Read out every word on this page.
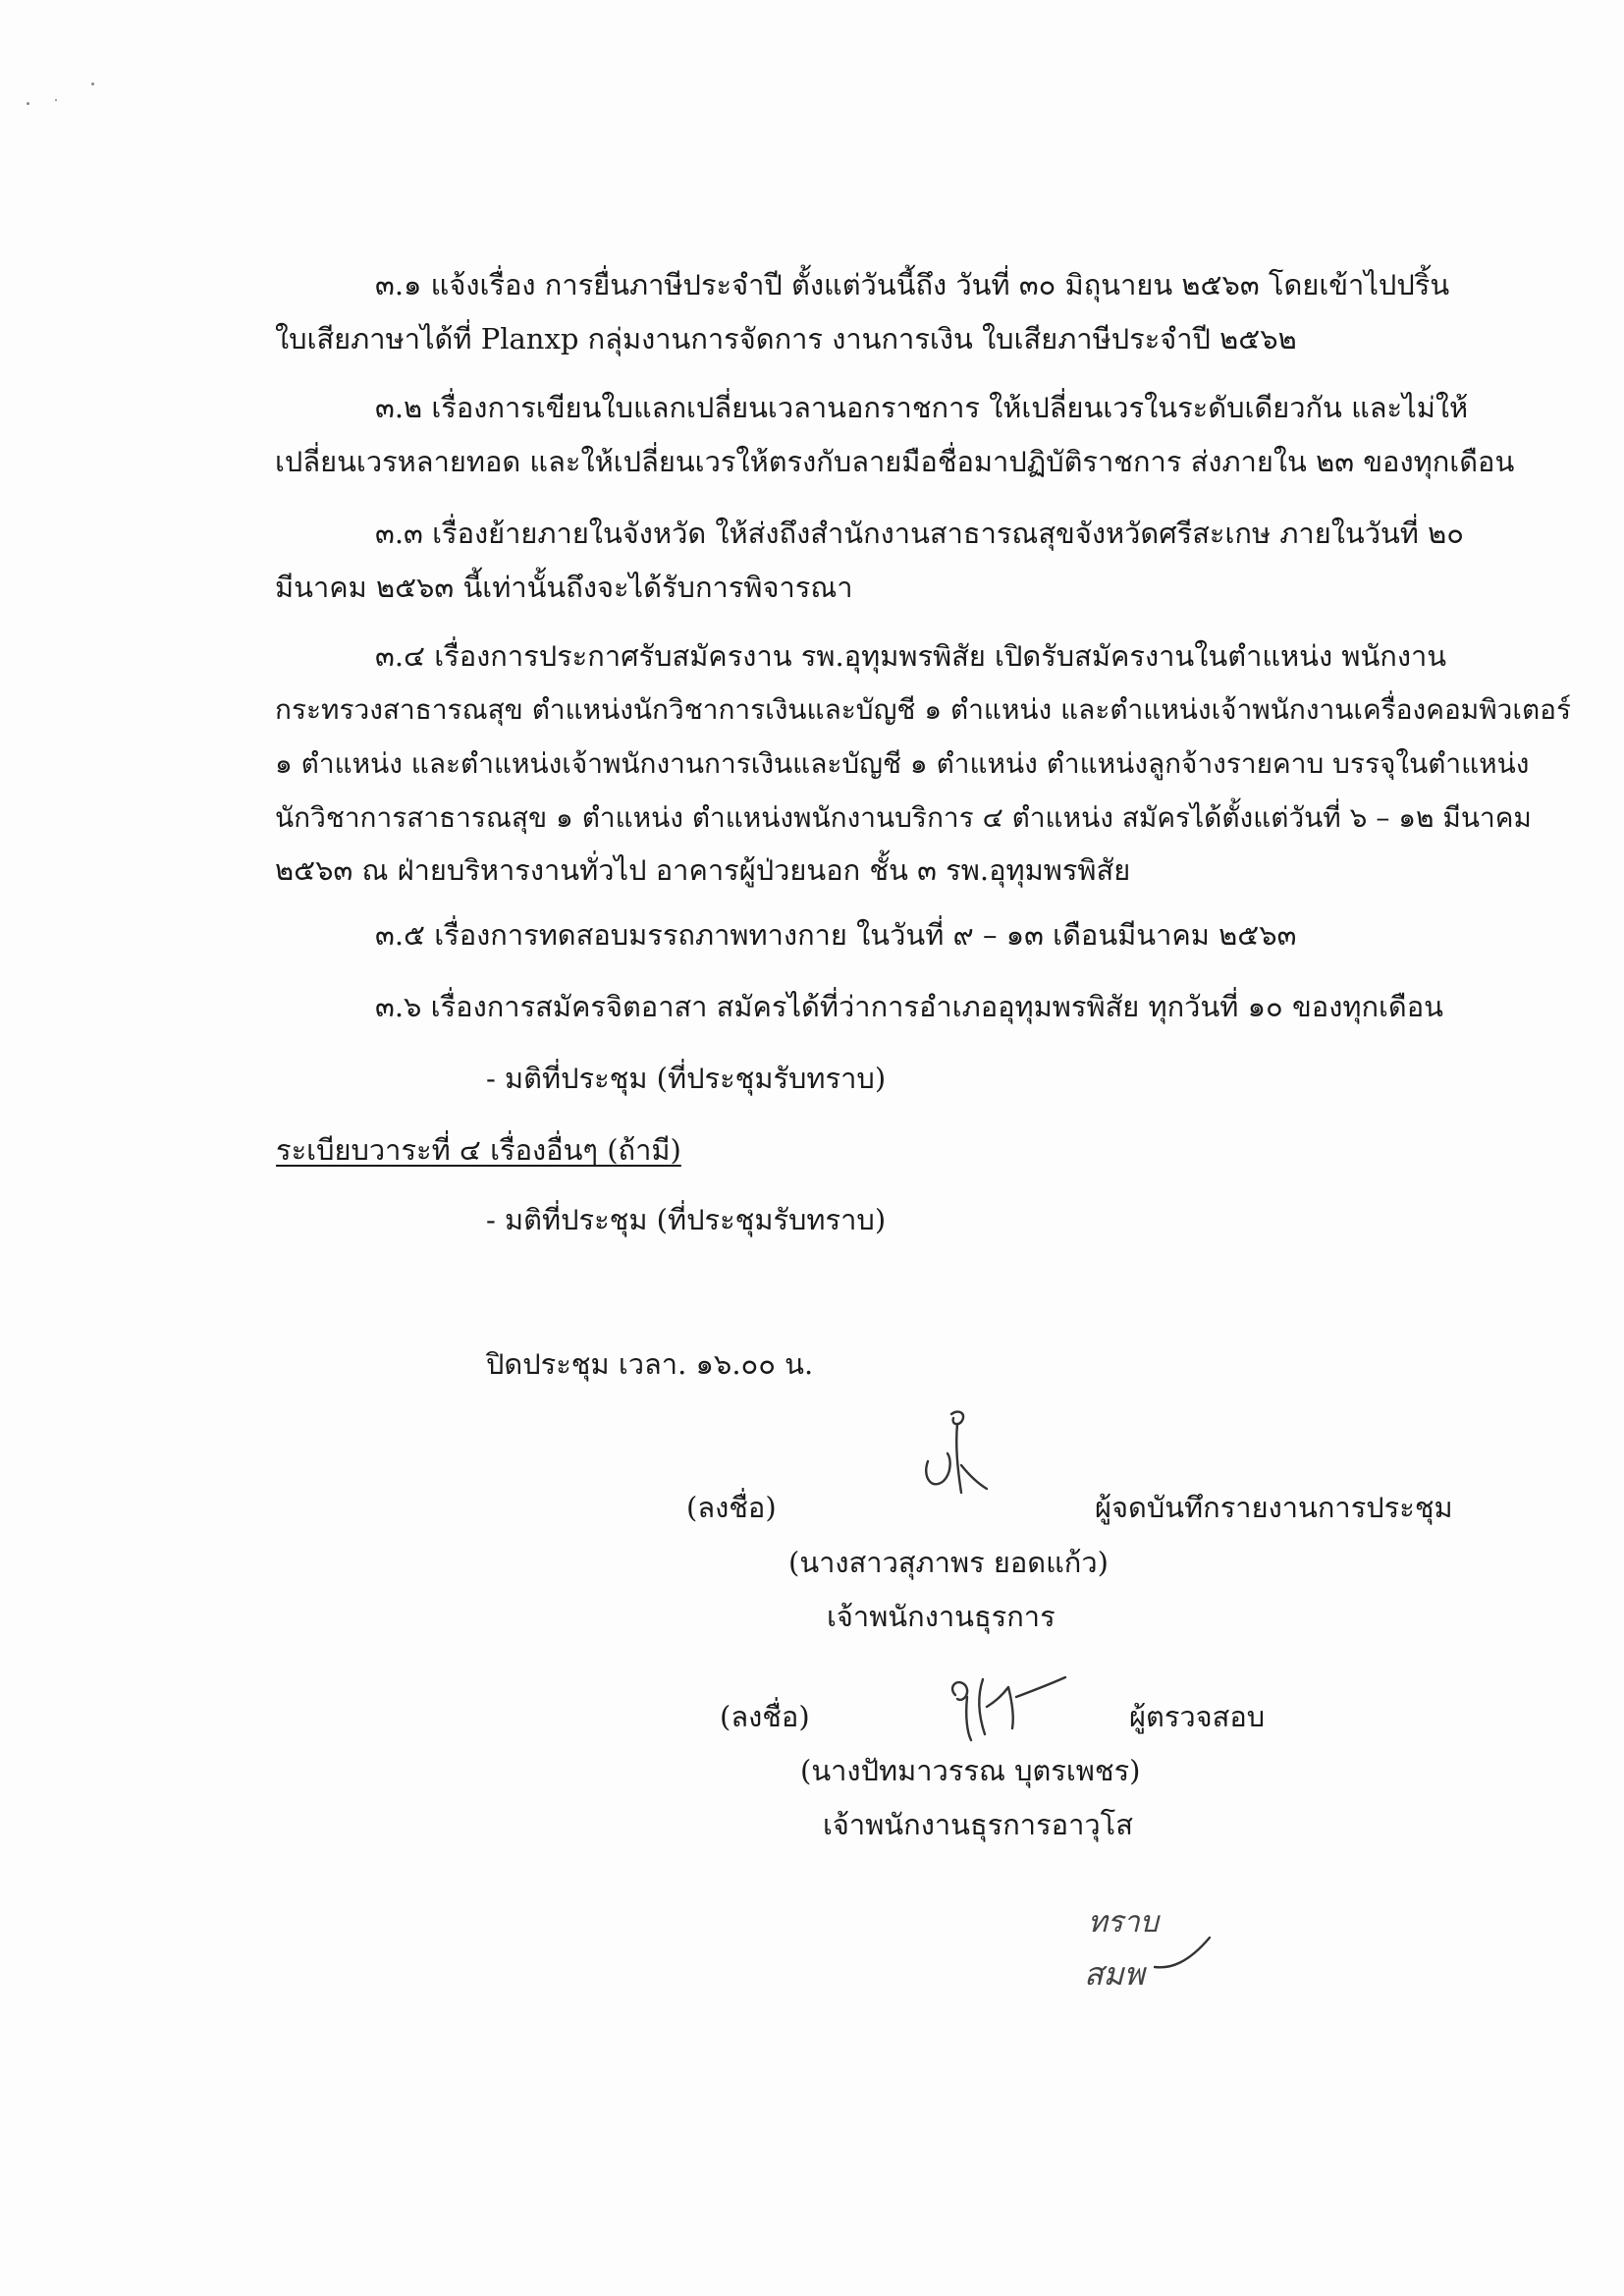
๓.๑ แจ้งเรื่อง การยื่นภาษีประจำปี ตั้งแต่วันนี้ถึง วันที่ ๓๐ มิถุนายน ๒๕๖๓ โดยเข้าไปปริ้น
ใบเสียภาษาได้ที่ Planxp กลุ่มงานการจัดการ งานการเงิน ใบเสียภาษีประจำปี ๒๕๖๒
๓.๒ เรื่องการเขียนใบแลกเปลี่ยนเวลานอกราชการ ให้เปลี่ยนเวรในระดับเดียวกัน และไม่ให้
เปลี่ยนเวรหลายทอด และให้เปลี่ยนเวรให้ตรงกับลายมือชื่อมาปฏิบัติราชการ ส่งภายใน ๒๓ ของทุกเดือน
๓.๓ เรื่องย้ายภายในจังหวัด ให้ส่งถึงสำนักงานสาธารณสุขจังหวัดศรีสะเกษ ภายในวันที่ ๒๐
มีนาคม ๒๕๖๓ นี้เท่านั้นถึงจะได้รับการพิจารณา
๓.๔ เรื่องการประกาศรับสมัครงาน รพ.อุทุมพรพิสัย เปิดรับสมัครงานในตำแหน่ง พนักงาน
กระทรวงสาธารณสุข ตำแหน่งนักวิชาการเงินและบัญชี ๑ ตำแหน่ง และตำแหน่งเจ้าพนักงานเครื่องคอมพิวเตอร์
๑ ตำแหน่ง และตำแหน่งเจ้าพนักงานการเงินและบัญชี ๑ ตำแหน่ง ตำแหน่งลูกจ้างรายคาบ บรรจุในตำแหน่ง
นักวิชาการสาธารณสุข ๑ ตำแหน่ง ตำแหน่งพนักงานบริการ ๔ ตำแหน่ง สมัครได้ตั้งแต่วันที่ ๖ – ๑๒ มีนาคม
๒๕๖๓ ณ ฝ่ายบริหารงานทั่วไป อาคารผู้ป่วยนอก ชั้น ๓ รพ.อุทุมพรพิสัย
๓.๕ เรื่องการทดสอบมรรถภาพทางกาย ในวันที่ ๙ – ๑๓ เดือนมีนาคม ๒๕๖๓
๓.๖ เรื่องการสมัครจิตอาสา สมัครได้ที่ว่าการอำเภออุทุมพรพิสัย ทุกวันที่ ๑๐ ของทุกเดือน
- มติที่ประชุม (ที่ประชุมรับทราบ)
ระเบียบวาระที่ ๔ เรื่องอื่นๆ (ถ้ามี)
- มติที่ประชุม (ที่ประชุมรับทราบ)
ปิดประชุม เวลา. ๑๖.๐๐ น.
(ลงชื่อ)	ผู้จดบันทึกรายงานการประชุม
(นางสาวสุภาพร ยอดแก้ว)
เจ้าพนักงานธุรการ
(ลงชื่อ)	ผู้ตรวจสอบ
(นางปัทมาวรรณ บุตรเพชร)
เจ้าพนักงานธุรการอาวุโส
ทราบ
สมพ
